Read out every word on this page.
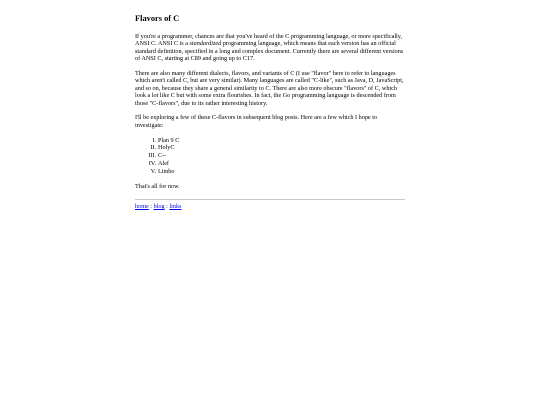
Flavors of C

If you're a programmer, chances are that you've heard of the C programming language, or more specifically, ANSI C. ANSI C is a standardized programming language, which means that each version has an official standard definition, specified in a long and complex document. Currently there are several different versions of ANSI C, starting at C89 and going up to C17.

There are also many different dialects, flavors, and variants of C (I use "flavor" here to refer to languages which aren't called C, but are very similar). Many languages are called "C-like", such as Java, D, JavaScript, and so on, because they share a general similarity to C. There are also more obscure "flavors" of C, which look a lot like C but with some extra flourishes. In fact, the Go programming language is descended from those "C-flavors", due to its rather interesting history.

I'll be exploring a few of these C-flavors in subsequent blog posts. Here are a few which I hope to investigate:

I. Plan 9 C
II. HolyC
III. C--
IV. Alef
V. Limbo

That's all for now.

home : blog : links
